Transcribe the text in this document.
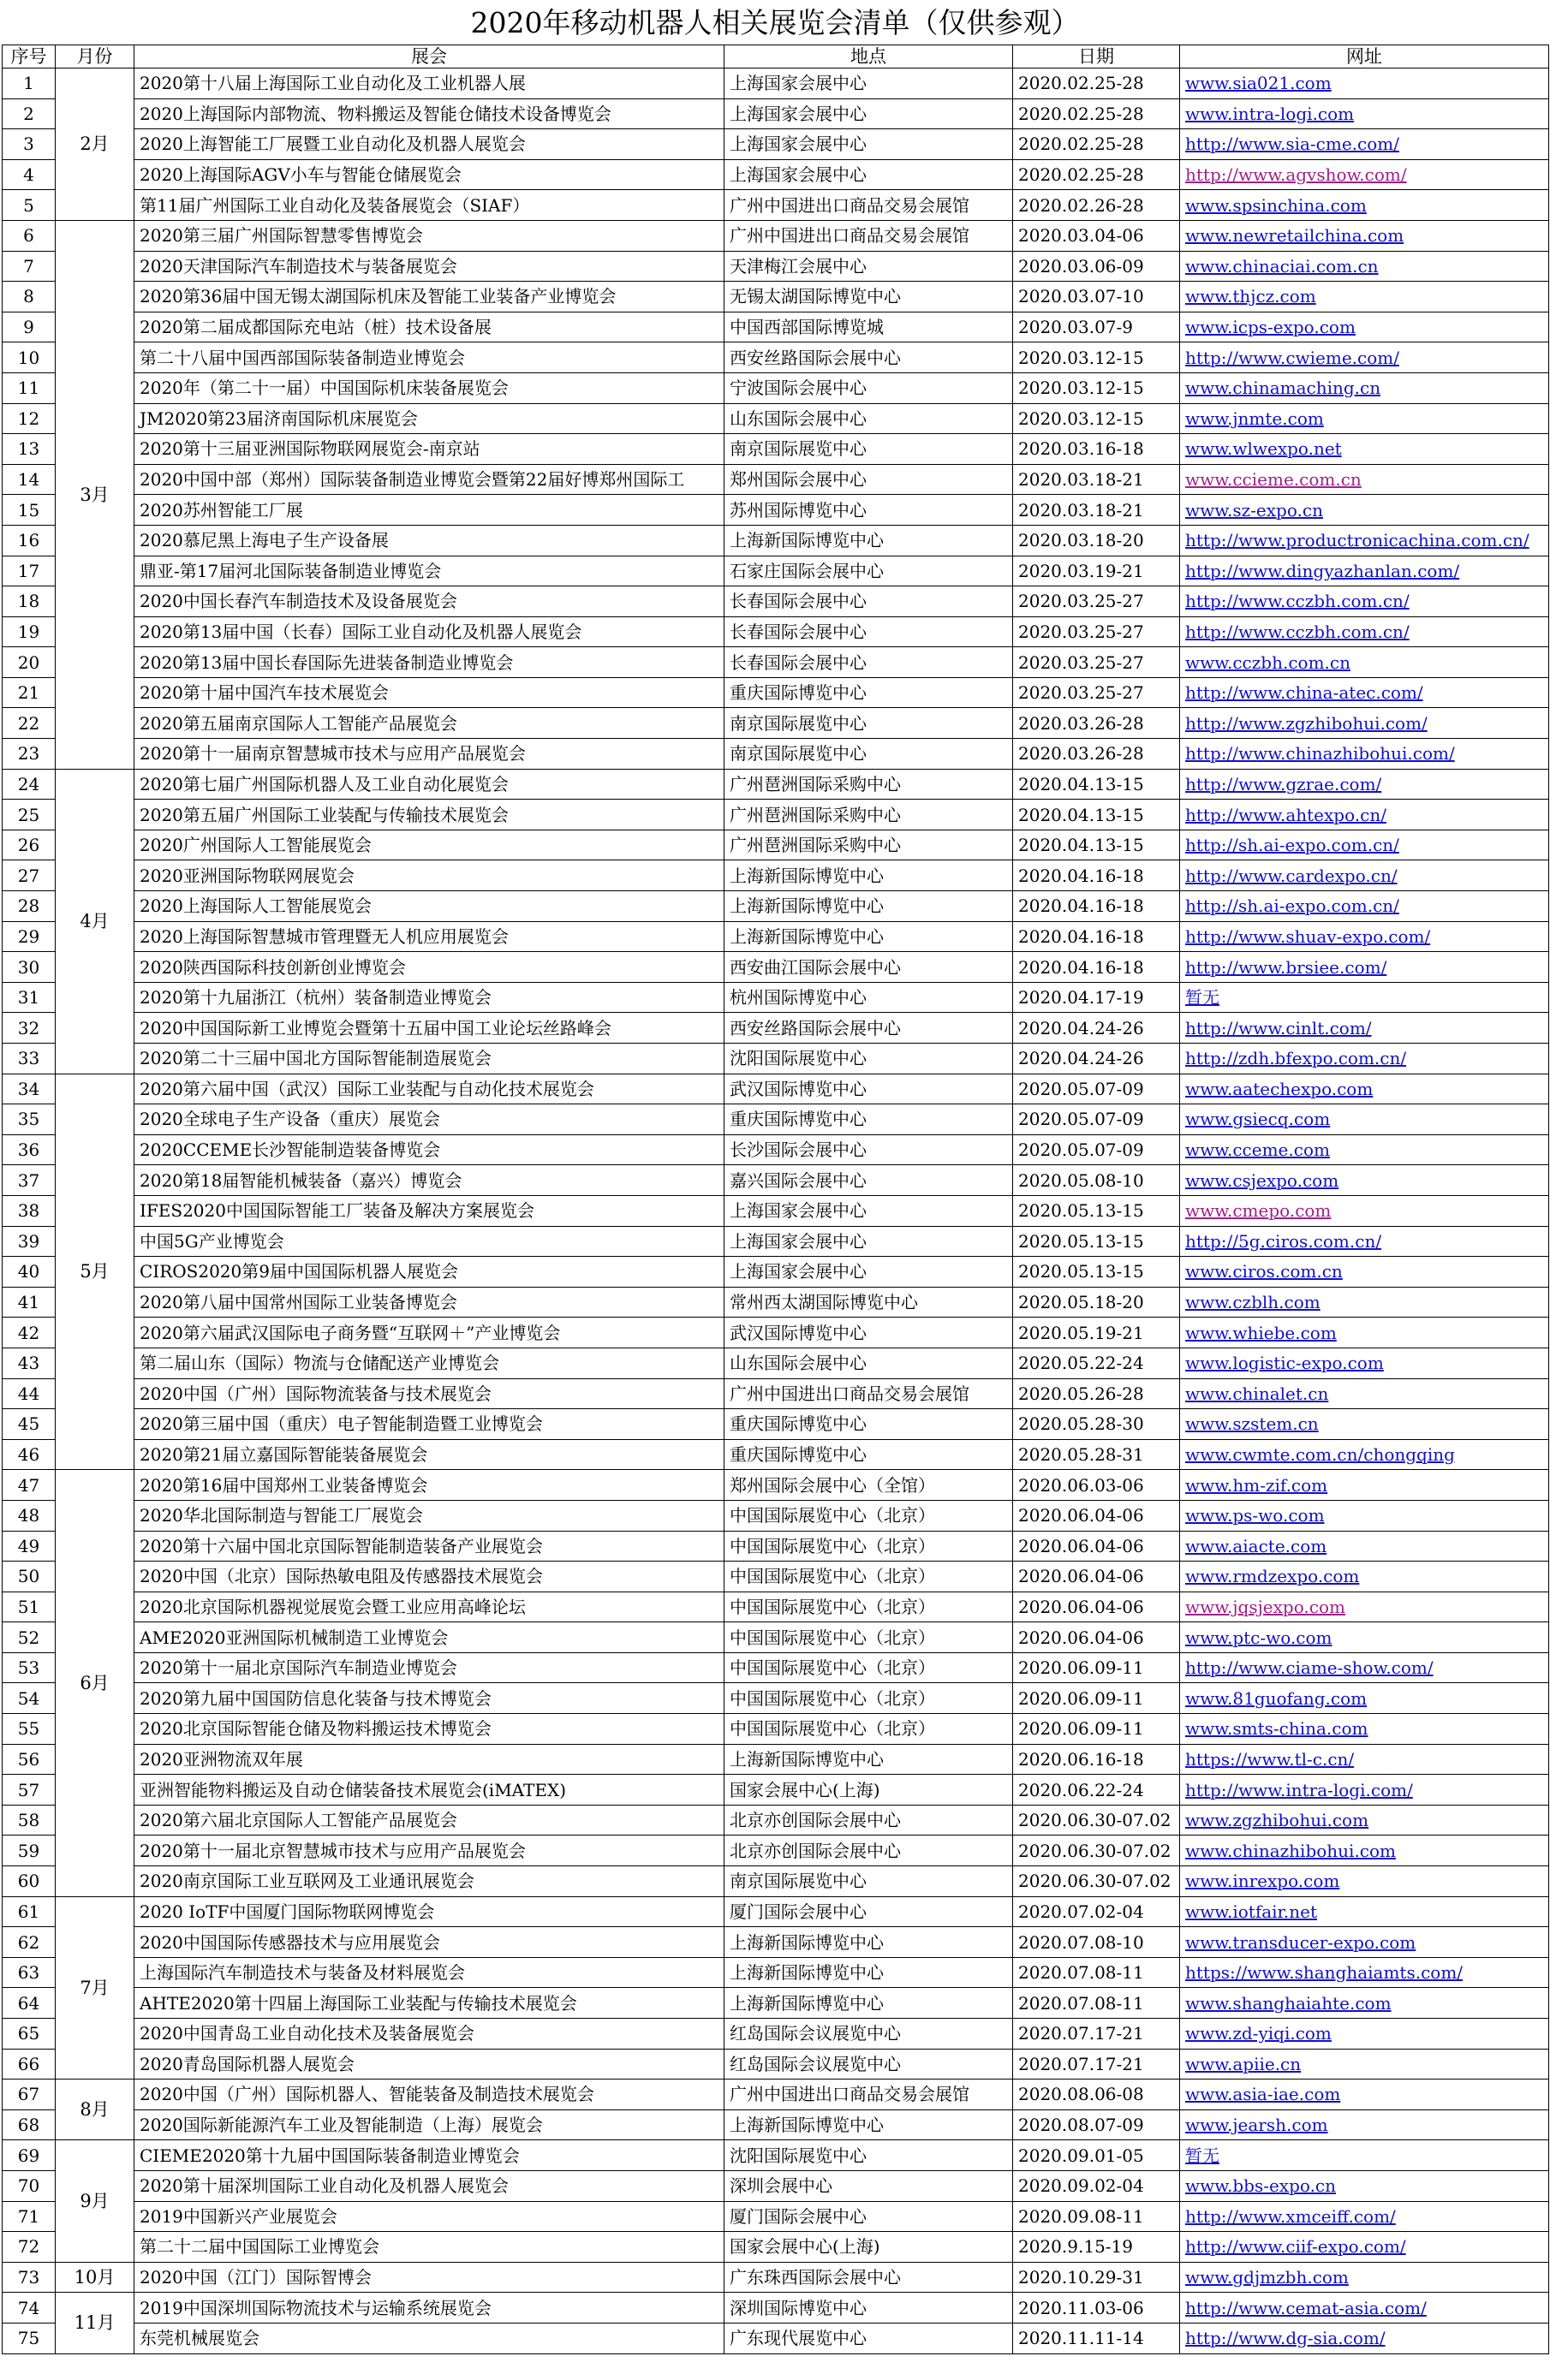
2020年移动机器人相关展览会清单（仅供参观）
序号	月份	展会	地点	日期	网址
1	2月	2020第十八届上海国际工业自动化及工业机器人展	上海国家会展中心	2020.02.25-28	www.sia021.com
2		2020上海国际内部物流、物料搬运及智能仓储技术设备博览会	上海国家会展中心	2020.02.25-28	www.intra-logi.com
3		2020上海智能工厂展暨工业自动化及机器人展览会	上海国家会展中心	2020.02.25-28	http://www.sia-cme.com/
4		2020上海国际AGV小车与智能仓储展览会	上海国家会展中心	2020.02.25-28	http://www.agvshow.com/
5		第11届广州国际工业自动化及装备展览会（SIAF）	广州中国进出口商品交易会展馆	2020.02.26-28	www.spsinchina.com
6	3月	2020第三届广州国际智慧零售博览会	广州中国进出口商品交易会展馆	2020.03.04-06	www.newretailchina.com
7		2020天津国际汽车制造技术与装备展览会	天津梅江会展中心	2020.03.06-09	www.chinaciai.com.cn
8		2020第36届中国无锡太湖国际机床及智能工业装备产业博览会	无锡太湖国际博览中心	2020.03.07-10	www.thjcz.com
9		2020第二届成都国际充电站（桩）技术设备展	中国西部国际博览城	2020.03.07-9	www.icps-expo.com
10		第二十八届中国西部国际装备制造业博览会	西安丝路国际会展中心	2020.03.12-15	http://www.cwieme.com/
11		2020年（第二十一届）中国国际机床装备展览会	宁波国际会展中心	2020.03.12-15	www.chinamaching.cn
12		JM2020第23届济南国际机床展览会	山东国际会展中心	2020.03.12-15	www.jnmte.com
13		2020第十三届亚洲国际物联网展览会-南京站	南京国际展览中心	2020.03.16-18	www.wlwexpo.net
14		2020中国中部（郑州）国际装备制造业博览会暨第22届好博郑州国际工	郑州国际会展中心	2020.03.18-21	www.ccieme.com.cn
15		2020苏州智能工厂展	苏州国际博览中心	2020.03.18-21	www.sz-expo.cn
16		2020慕尼黑上海电子生产设备展	上海新国际博览中心	2020.03.18-20	http://www.productronicachina.com.cn/
17		鼎亚-第17届河北国际装备制造业博览会	石家庄国际会展中心	2020.03.19-21	http://www.dingyazhanlan.com/
18		2020中国长春汽车制造技术及设备展览会	长春国际会展中心	2020.03.25-27	http://www.cczbh.com.cn/
19		2020第13届中国（长春）国际工业自动化及机器人展览会	长春国际会展中心	2020.03.25-27	http://www.cczbh.com.cn/
20		2020第13届中国长春国际先进装备制造业博览会	长春国际会展中心	2020.03.25-27	www.cczbh.com.cn
21		2020第十届中国汽车技术展览会	重庆国际博览中心	2020.03.25-27	http://www.china-atec.com/
22		2020第五届南京国际人工智能产品展览会	南京国际展览中心	2020.03.26-28	http://www.zgzhibohui.com/
23		2020第十一届南京智慧城市技术与应用产品展览会	南京国际展览中心	2020.03.26-28	http://www.chinazhibohui.com/
24	4月	2020第七届广州国际机器人及工业自动化展览会	广州琶洲国际采购中心	2020.04.13-15	http://www.gzrae.com/
25		2020第五届广州国际工业装配与传输技术展览会	广州琶洲国际采购中心	2020.04.13-15	http://www.ahtexpo.cn/
26		2020广州国际人工智能展览会	广州琶洲国际采购中心	2020.04.13-15	http://sh.ai-expo.com.cn/
27		2020亚洲国际物联网展览会	上海新国际博览中心	2020.04.16-18	http://www.cardexpo.cn/
28		2020上海国际人工智能展览会	上海新国际博览中心	2020.04.16-18	http://sh.ai-expo.com.cn/
29		2020上海国际智慧城市管理暨无人机应用展览会	上海新国际博览中心	2020.04.16-18	http://www.shuav-expo.com/
30		2020陕西国际科技创新创业博览会	西安曲江国际会展中心	2020.04.16-18	http://www.brsiee.com/
31		2020第十九届浙江（杭州）装备制造业博览会	杭州国际博览中心	2020.04.17-19	暂无
32		2020中国国际新工业博览会暨第十五届中国工业论坛丝路峰会	西安丝路国际会展中心	2020.04.24-26	http://www.cinlt.com/
33		2020第二十三届中国北方国际智能制造展览会	沈阳国际展览中心	2020.04.24-26	http://zdh.bfexpo.com.cn/
34	5月	2020第六届中国（武汉）国际工业装配与自动化技术展览会	武汉国际博览中心	2020.05.07-09	www.aatechexpo.com
35		2020全球电子生产设备（重庆）展览会	重庆国际博览中心	2020.05.07-09	www.gsiecq.com
36		2020CCEME长沙智能制造装备博览会	长沙国际会展中心	2020.05.07-09	www.cceme.com
37		2020第18届智能机械装备（嘉兴）博览会	嘉兴国际会展中心	2020.05.08-10	www.csjexpo.com
38		IFES2020中国国际智能工厂装备及解决方案展览会	上海国家会展中心	2020.05.13-15	www.cmepo.com
39		中国5G产业博览会	上海国家会展中心	2020.05.13-15	http://5g.ciros.com.cn/
40		CIROS2020第9届中国国际机器人展览会	上海国家会展中心	2020.05.13-15	www.ciros.com.cn
41		2020第八届中国常州国际工业装备博览会	常州西太湖国际博览中心	2020.05.18-20	www.czblh.com
42		2020第六届武汉国际电子商务暨“互联网＋”产业博览会	武汉国际博览中心	2020.05.19-21	www.whiebe.com
43		第二届山东（国际）物流与仓储配送产业博览会	山东国际会展中心	2020.05.22-24	www.logistic-expo.com
44		2020中国（广州）国际物流装备与技术展览会	广州中国进出口商品交易会展馆	2020.05.26-28	www.chinalet.cn
45		2020第三届中国（重庆）电子智能制造暨工业博览会	重庆国际博览中心	2020.05.28-30	www.szstem.cn
46		2020第21届立嘉国际智能装备展览会	重庆国际博览中心	2020.05.28-31	www.cwmte.com.cn/chongqing
47	6月	2020第16届中国郑州工业装备博览会	郑州国际会展中心（全馆）	2020.06.03-06	www.hm-zif.com
48		2020华北国际制造与智能工厂展览会	中国国际展览中心（北京）	2020.06.04-06	www.ps-wo.com
49		2020第十六届中国北京国际智能制造装备产业展览会	中国国际展览中心（北京）	2020.06.04-06	www.aiacte.com
50		2020中国（北京）国际热敏电阻及传感器技术展览会	中国国际展览中心（北京）	2020.06.04-06	www.rmdzexpo.com
51		2020北京国际机器视觉展览会暨工业应用高峰论坛	中国国际展览中心（北京）	2020.06.04-06	www.jqsjexpo.com
52		AME2020亚洲国际机械制造工业博览会	中国国际展览中心（北京）	2020.06.04-06	www.ptc-wo.com
53		2020第十一届北京国际汽车制造业博览会	中国国际展览中心（北京）	2020.06.09-11	http://www.ciame-show.com/
54		2020第九届中国国防信息化装备与技术博览会	中国国际展览中心（北京）	2020.06.09-11	www.81guofang.com
55		2020北京国际智能仓储及物料搬运技术博览会	中国国际展览中心（北京）	2020.06.09-11	www.smts-china.com
56		2020亚洲物流双年展	上海新国际博览中心	2020.06.16-18	https://www.tl-c.cn/
57		亚洲智能物料搬运及自动仓储装备技术展览会(iMATEX)	国家会展中心(上海)	2020.06.22-24	http://www.intra-logi.com/
58		2020第六届北京国际人工智能产品展览会	北京亦创国际会展中心	2020.06.30-07.02	www.zgzhibohui.com
59		2020第十一届北京智慧城市技术与应用产品展览会	北京亦创国际会展中心	2020.06.30-07.02	www.chinazhibohui.com
60		2020南京国际工业互联网及工业通讯展览会	南京国际展览中心	2020.06.30-07.02	www.inrexpo.com
61	7月	2020 IoTF中国厦门国际物联网博览会	厦门国际会展中心	2020.07.02-04	www.iotfair.net
62		2020中国国际传感器技术与应用展览会	上海新国际博览中心	2020.07.08-10	www.transducer-expo.com
63		上海国际汽车制造技术与装备及材料展览会	上海新国际博览中心	2020.07.08-11	https://www.shanghaiamts.com/
64		AHTE2020第十四届上海国际工业装配与传输技术展览会	上海新国际博览中心	2020.07.08-11	www.shanghaiahte.com
65		2020中国青岛工业自动化技术及装备展览会	红岛国际会议展览中心	2020.07.17-21	www.zd-yiqi.com
66		2020青岛国际机器人展览会	红岛国际会议展览中心	2020.07.17-21	www.apiie.cn
67	8月	2020中国（广州）国际机器人、智能装备及制造技术展览会	广州中国进出口商品交易会展馆	2020.08.06-08	www.asia-iae.com
68		2020国际新能源汽车工业及智能制造（上海）展览会	上海新国际博览中心	2020.08.07-09	www.jearsh.com
69	9月	CIEME2020第十九届中国国际装备制造业博览会	沈阳国际展览中心	2020.09.01-05	暂无
70		2020第十届深圳国际工业自动化及机器人展览会	深圳会展中心	2020.09.02-04	www.bbs-expo.cn
71		2019中国新兴产业展览会	厦门国际会展中心	2020.09.08-11	http://www.xmceiff.com/
72		第二十二届中国国际工业博览会	国家会展中心(上海)	2020.9.15-19	http://www.ciif-expo.com/
73	10月	2020中国（江门）国际智博会	广东珠西国际会展中心	2020.10.29-31	www.gdjmzbh.com
74	11月	2019中国深圳国际物流技术与运输系统展览会	深圳国际博览中心	2020.11.03-06	http://www.cemat-asia.com/
75		东莞机械展览会	广东现代展览中心	2020.11.11-14	http://www.dg-sia.com/
